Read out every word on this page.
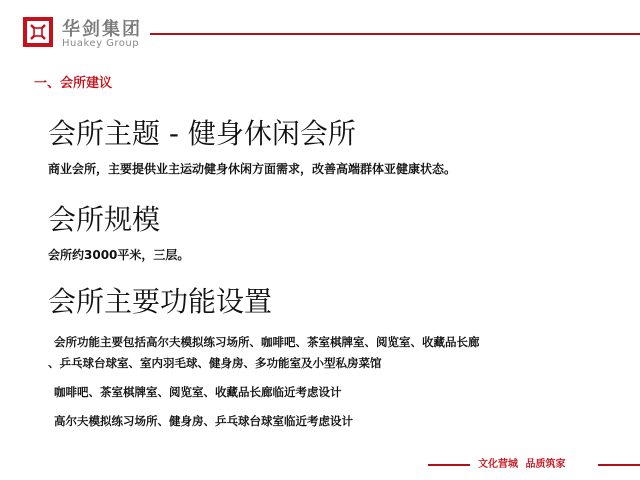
华剑集团
Huakey Group
一、会所建议
会所主题 - 健身休闲会所
商业会所，主要提供业主运动健身休闲方面需求，改善高端群体亚健康状态。
会所规模
会所约3000平米，三层。
会所主要功能设置
会所功能主要包括高尔夫模拟练习场所、咖啡吧、茶室棋牌室、阅览室、收藏品长廊
、乒乓球台球室、室内羽毛球、健身房、多功能室及小型私房菜馆
咖啡吧、茶室棋牌室、阅览室、收藏品长廊临近考虑设计
高尔夫模拟练习场所、健身房、乒乓球台球室临近考虑设计
文化营城 品质筑家
